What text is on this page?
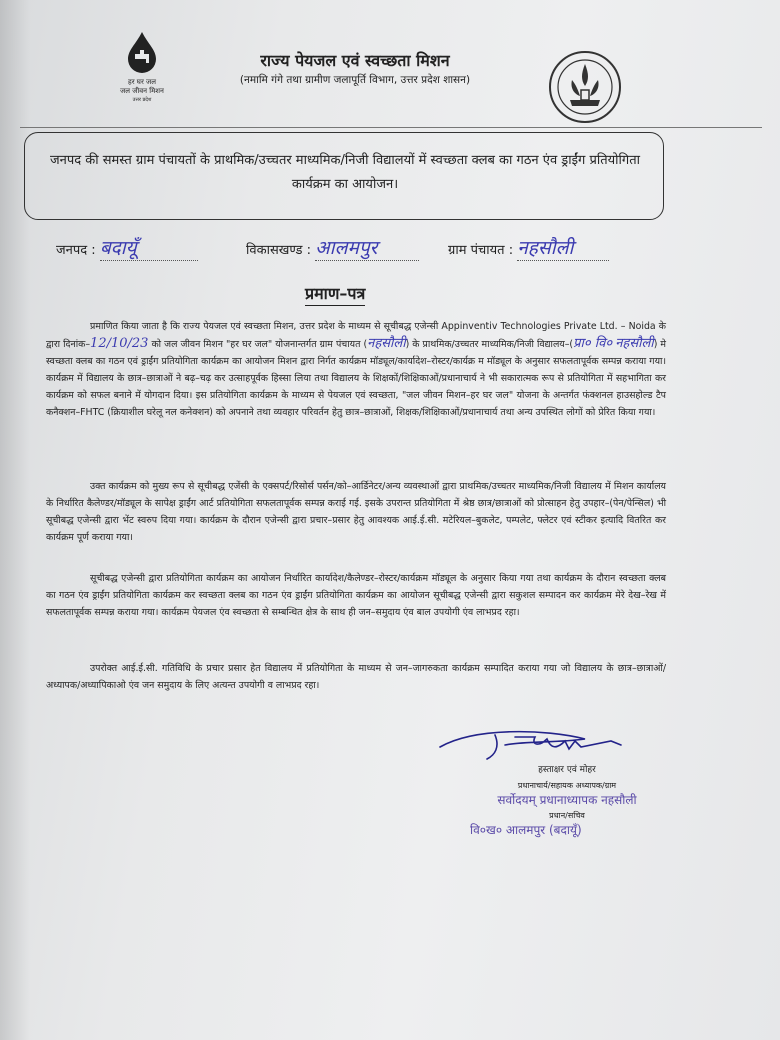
हर घर जल
जल जीवन मिशन
उत्तर प्रदेश
राज्य पेयजल एवं स्वच्छता मिशन
(नमामि गंगे तथा ग्रामीण जलापूर्ति विभाग, उत्तर प्रदेश शासन)
जनपद की समस्त ग्राम पंचायतों के प्राथमिक/उच्चतर माध्यमिक/निजी विद्यालयों में स्वच्छता क्लब का गठन एंव ड्राईंग प्रतियोगिता कार्यक्रम का आयोजन।
जनपद : बदायूँ	विकासखण्ड : आलमपुर	ग्राम पंचायत : नहसौली
प्रमाण–पत्र
प्रमाणित किया जाता है कि राज्य पेयजल एवं स्वच्छता मिशन, उत्तर प्रदेश के माध्यम से सूचीबद्ध एजेन्सी Appinventiv Technologies Private Ltd. – Noida के द्वारा दिनांक–12/10/23 को जल जीवन मिशन "हर घर जल" योजनान्तर्गत ग्राम पंचायत (नहसौली) के प्राथमिक/उच्चतर माध्यमिक/निजी विद्यालय–(प्रा० वि० नहसौली) मे स्वच्छता क्लब का गठन एवं ड्राईंग प्रतियोगिता कार्यक्रम का आयोजन मिशन द्वारा निर्गत कार्यक्रम मॉड्यूल/कार्यादेश–रोस्टर/कार्यक्र म मॉड्यूल के अनुसार सफलतापूर्वक सम्पन्न कराया गया। कार्यक्रम में विद्यालय के छात्र–छात्राओं ने बढ़–चढ़ कर उत्साहपूर्वक हिस्सा लिया तथा विद्यालय के शिक्षकों/शिक्षिकाओं/प्रधानाचार्य ने भी सकारात्मक रूप से प्रतियोगिता में सहभागिता कर कार्यक्रम को सफल बनाने में योगदान दिया। इस प्रतियोगिता कार्यक्रम के माध्यम से पेयजल एवं स्वच्छता, "जल जीवन मिशन–हर घर जल" योजना के अन्तर्गत फंक्शनल हाउसहोल्ड टैप कनैक्शन–FHTC (क्रियाशील घरेलू नल कनेक्शन) को अपनाने तथा व्यवहार परिवर्तन हेतु छात्र–छात्राओं, शिक्षक/शिक्षिकाओं/प्रधानाचार्य तथा अन्य उपस्थित लोगों को प्रेरित किया गया।
उक्त कार्यक्रम को मुख्य रूप से सूचीबद्ध एजेंसी के एक्सपर्ट/रिसोर्स पर्सन/को–आर्डिनेटर/अन्य व्यवस्थाओं द्वारा प्राथमिक/उच्चतर माध्यमिक/निजी विद्यालय में मिशन कार्यालय के निर्धारित कैलेण्डर/मॉड्यूल के सापेक्ष ड्राईंग आर्ट प्रतियोगिता सफलतापूर्वक सम्पन्न कराई गई. इसके उपरान्त प्रतियोगिता में श्रेष्ठ छात्र/छात्राओं को प्रोत्साहन हेतु उपहार–(पेन/पेन्सिल) भी सूचीबद्ध एजेन्सी द्वारा भेंट स्वरुप दिया गया। कार्यक्रम के दौरान एजेन्सी द्वारा प्रचार–प्रसार हेतु आवश्यक आई.ई.सी. मटेरियल–बुकलेट, पम्पलेट, फ्लेटर एवं स्टीकर इत्यादि वितरित कर कार्यक्रम पूर्ण कराया गया।
सूचीबद्ध एजेन्सी द्वारा प्रतियोगिता कार्यक्रम का आयोजन निर्धारित कार्यादेश/कैलेण्डर–रोस्टर/कार्यक्रम मॉड्यूल के अनुसार किया गया तथा कार्यक्रम के दौरान स्वच्छता क्लब का गठन एंव ड्राईंग प्रतियोगिता कार्यक्रम कर स्वच्छता क्लब का गठन एंव ड्राईंग प्रतियोगिता कार्यक्रम का आयोजन सूचीबद्ध एजेन्सी द्वारा सकुशल सम्पादन कर कार्यक्रम मेरे देख–रेख में सफलतापूर्वक सम्पन्न कराया गया। कार्यक्रम पेयजल एंव स्वच्छता से सम्बन्धित क्षेत्र के साथ ही जन–समुदाय एंव बाल उपयोगी एंव लाभप्रद रहा।
उपरोक्त आई.ई.सी. गतिविधि के प्रचार प्रसार हेत विद्यालय में प्रतियोगिता के माध्यम से जन–जागरुकता कार्यक्रम सम्पादित कराया गया जो विद्यालय के छात्र–छात्राओं/अध्यापक/अध्यापिकाओ एंव जन समुदाय के लिए अत्यन्त उपयोगी व लाभप्रद रहा।
हस्ताक्षर एवं मोहर
प्रधानाचार्य/सहायक अध्यापक/ग्राम
सर्वोदयम् प्रधानाध्यापक नहसौली
प्रधान/सचिव
वि०ख० आलमपुर (बदायूँ)
